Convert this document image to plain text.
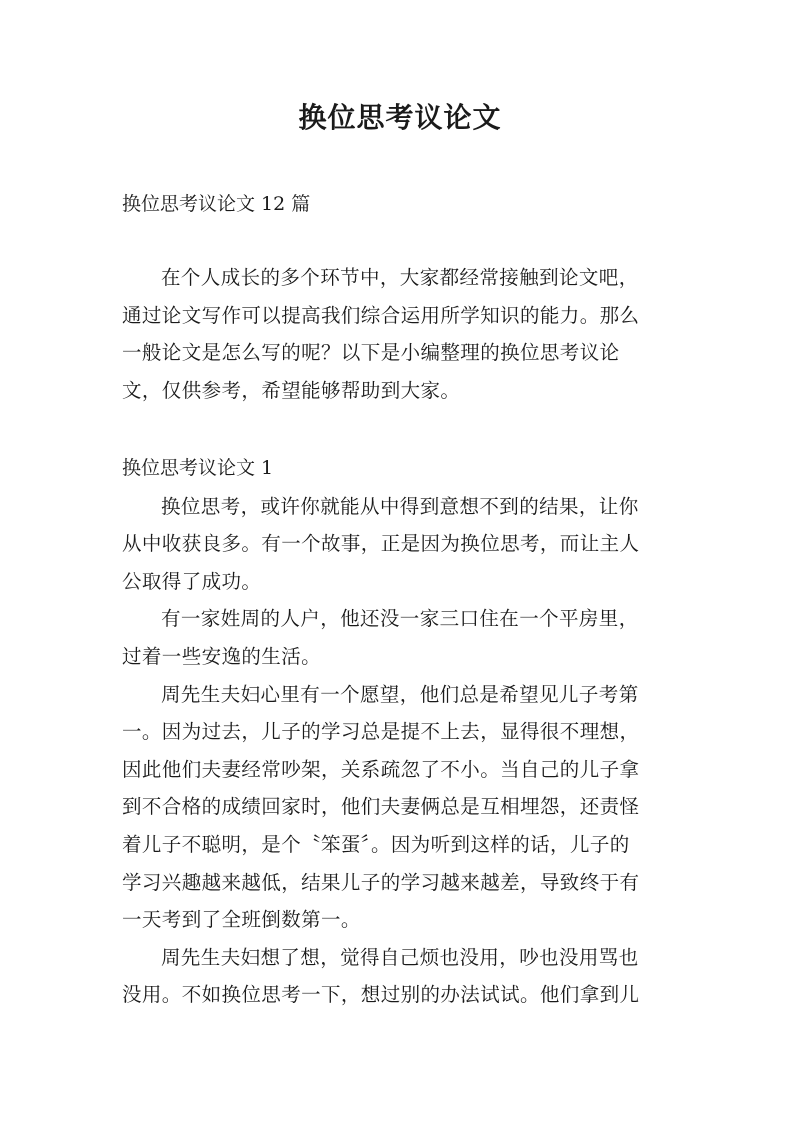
换位思考议论文
换位思考议论文 12 篇
在个人成长的多个环节中，大家都经常接触到论文吧，
通过论文写作可以提高我们综合运用所学知识的能力。那么
一般论文是怎么写的呢？以下是小编整理的换位思考议论
文，仅供参考，希望能够帮助到大家。
换位思考议论文 1
换位思考，或许你就能从中得到意想不到的结果，让你
从中收获良多。有一个故事，正是因为换位思考，而让主人
公取得了成功。
有一家姓周的人户，他还没一家三口住在一个平房里，
过着一些安逸的生活。
周先生夫妇心里有一个愿望，他们总是希望见儿子考第
一。因为过去，儿子的学习总是提不上去，显得很不理想，
因此他们夫妻经常吵架，关系疏忽了不小。当自己的儿子拿
到不合格的成绩回家时，他们夫妻俩总是互相埋怨，还责怪
着儿子不聪明，是个〝笨蛋〞。因为听到这样的话，儿子的
学习兴趣越来越低，结果儿子的学习越来越差，导致终于有
一天考到了全班倒数第一。
周先生夫妇想了想，觉得自己烦也没用，吵也没用骂也
没用。不如换位思考一下，想过别的办法试试。他们拿到儿
